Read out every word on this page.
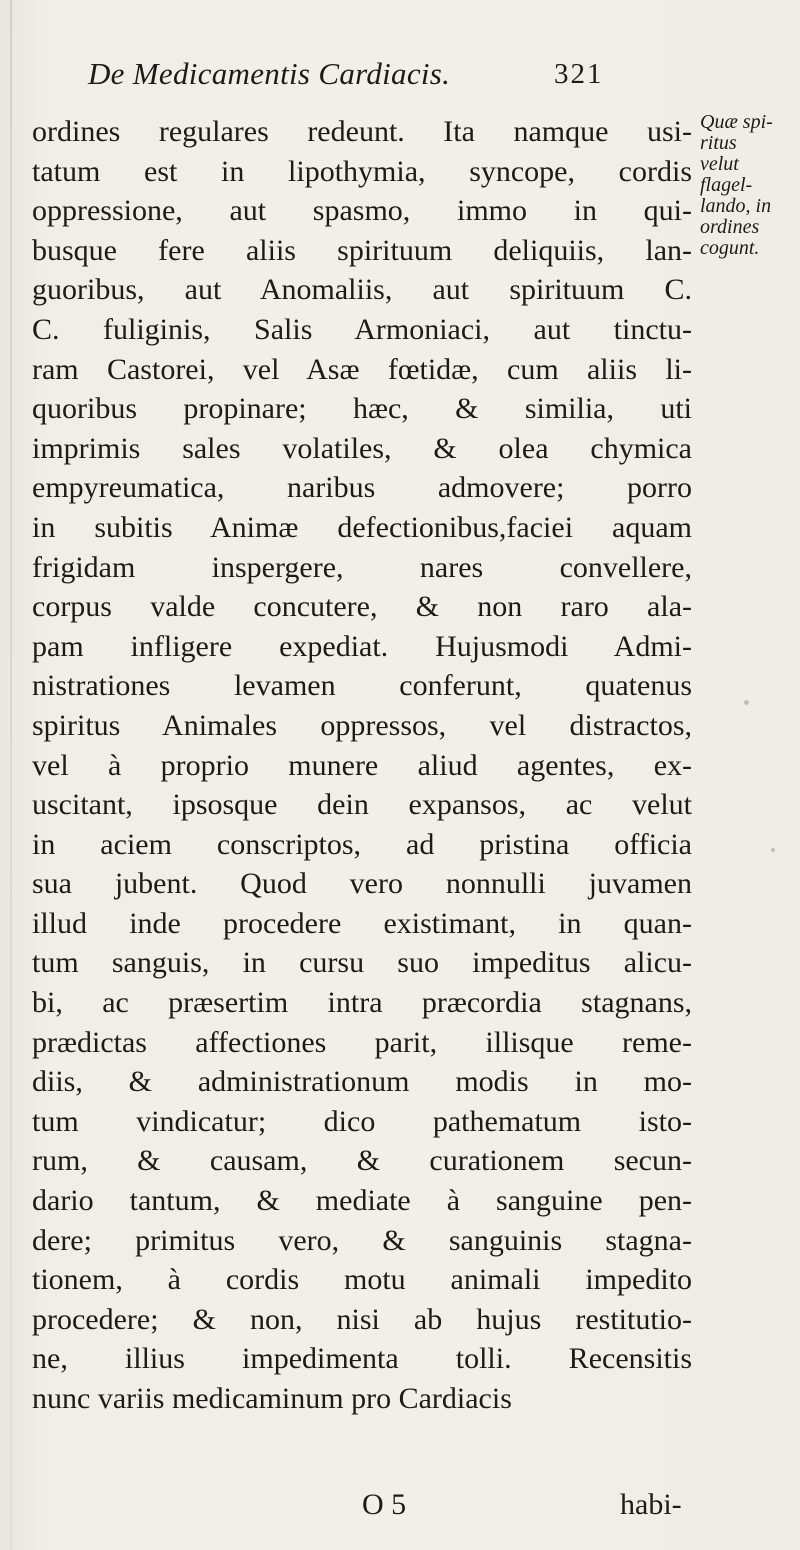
De Medicamentis Cardiacis.	321
ordines regulares redeunt. Ita namque usi-
tatum est in lipothymia, syncope, cordis
oppressione, aut spasmo, immo in qui-
busque fere aliis spirituum deliquiis, lan-
guoribus, aut Anomaliis, aut spirituum C.
C. fuliginis, Salis Armoniaci, aut tinctu-
ram Castorei, vel Asæ fœtidæ, cum aliis li-
quoribus propinare; hæc, & similia, uti
imprimis sales volatiles, & olea chymica
empyreumatica, naribus admovere; porro
in subitis Animæ defectionibus,faciei aquam
frigidam inspergere, nares convellere,
corpus valde concutere, & non raro ala-
pam infligere expediat. Hujusmodi Admi-
nistrationes levamen conferunt, quatenus
spiritus Animales oppressos, vel distractos,
vel à proprio munere aliud agentes, ex-
uscitant, ipsosque dein expansos, ac velut
in aciem conscriptos, ad pristina officia
sua jubent. Quod vero nonnulli juvamen
illud inde procedere existimant, in quan-
tum sanguis, in cursu suo impeditus alicu-
bi, ac præsertim intra præcordia stagnans,
prædictas affectiones parit, illisque reme-
diis, & administrationum modis in mo-
tum vindicatur; dico pathematum isto-
rum, & causam, & curationem secun-
dario tantum, & mediate à sanguine pen-
dere; primitus vero, & sanguinis stagna-
tionem, à cordis motu animali impedito
procedere; & non, nisi ab hujus restitutio-
ne, illius impedimenta tolli. Recensitis
nunc variis medicaminum pro Cardiacis
Quæ spi-
ritus
velut
flagel-
lando, in
ordines
cogunt.
O 5	habi-
